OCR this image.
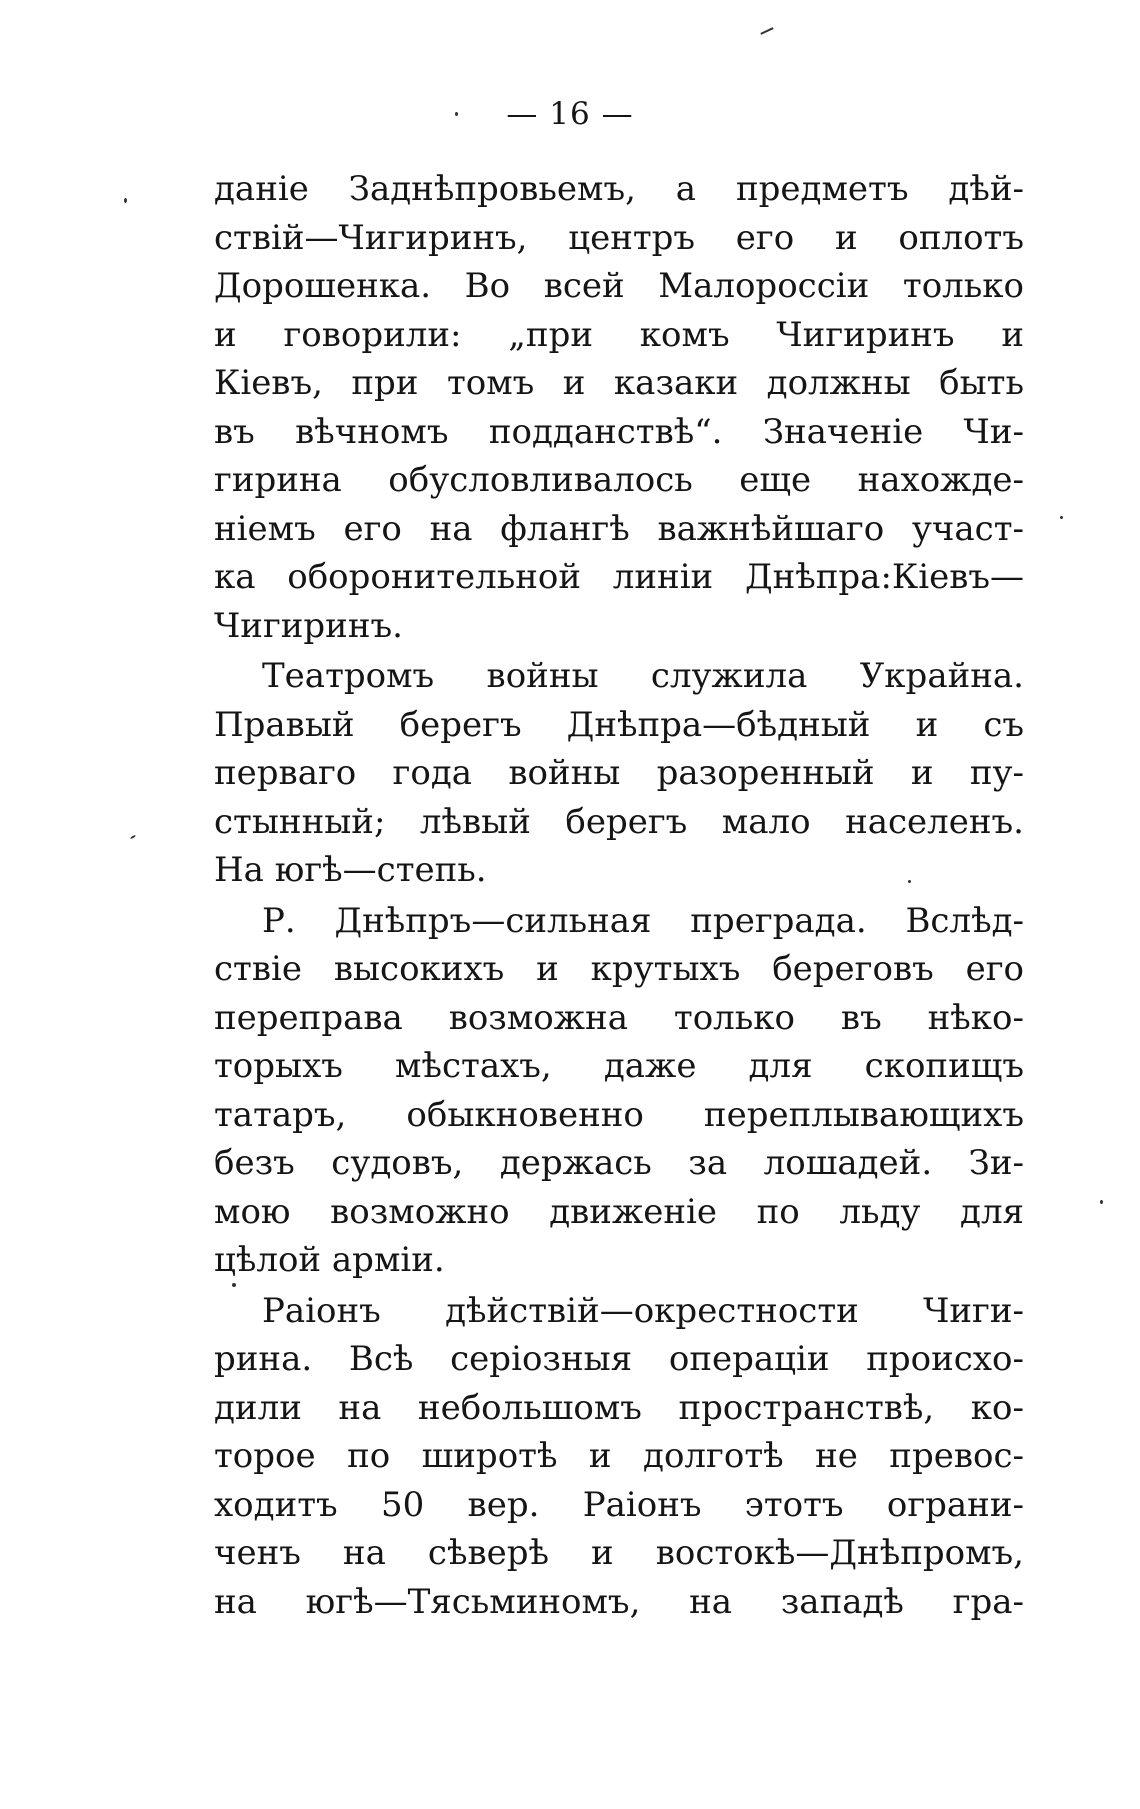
— 16 —
даніе Заднѣпровьемъ, а предметъ дѣй-
ствій—Чигиринъ, центръ его и оплотъ
Дорошенка. Во всей Малороссіи только
и говорили: „при комъ Чигиринъ и
Кіевъ, при томъ и казаки должны быть
въ вѣчномъ подданствѣ“. Значеніе Чи-
гирина обусловливалось еще нахожде-
ніемъ его на флангѣ важнѣйшаго участ-
ка оборонительной линіи Днѣпра:Кіевъ—
Чигиринъ.
Театромъ войны служила Украйна.
Правый берегъ Днѣпра—бѣдный и съ
перваго года войны разоренный и пу-
стынный; лѣвый берегъ мало населенъ.
На югѣ—степь.
Р. Днѣпръ—сильная преграда. Вслѣд-
ствіе высокихъ и крутыхъ береговъ его
переправа возможна только въ нѣко-
торыхъ мѣстахъ, даже для скопищъ
татаръ, обыкновенно переплывающихъ
безъ судовъ, держась за лошадей. Зи-
мою возможно движеніе по льду для
цѣлой арміи.
Раіонъ дѣйствій—окрестности Чиги-
рина. Всѣ серіозныя операціи происхо-
дили на небольшомъ пространствѣ, ко-
торое по широтѣ и долготѣ не превос-
ходитъ 50 вер. Раіонъ этотъ ограни-
ченъ на сѣверѣ и востокѣ—Днѣпромъ,
на югѣ—Тясьминомъ, на западѣ гра-
